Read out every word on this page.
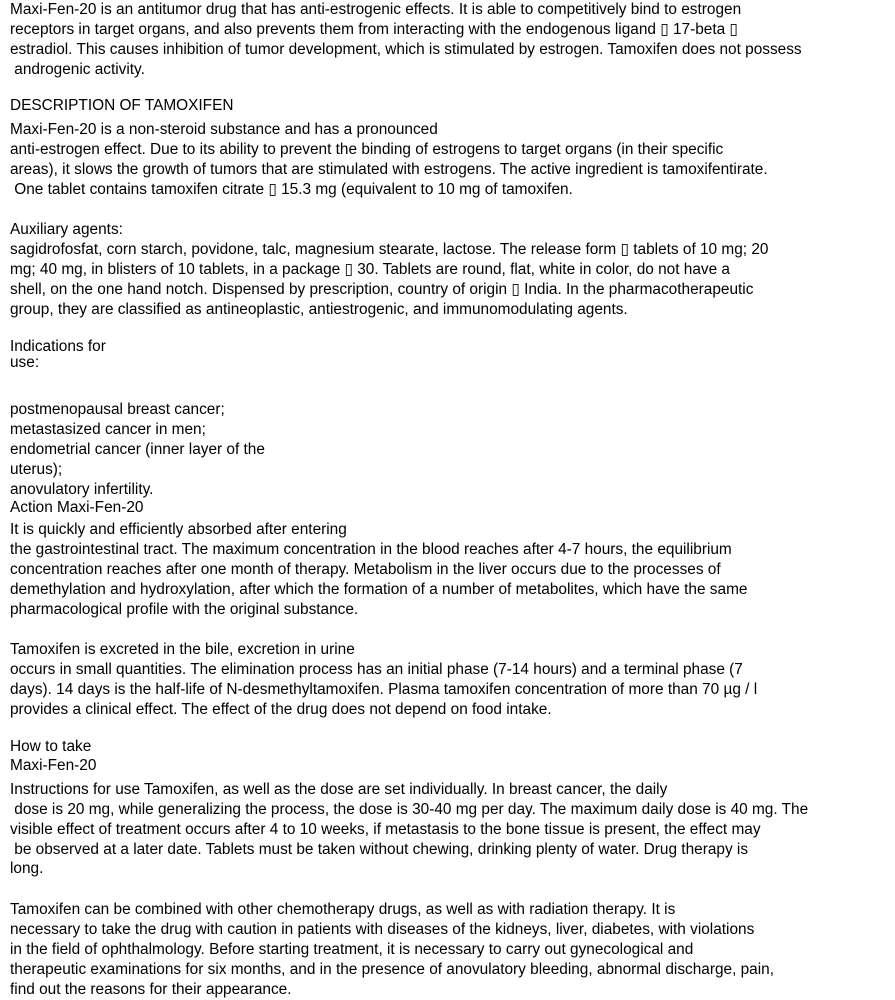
Maxi-Fen-20 is an antitumor drug that has anti-estrogenic effects. It is able to competitively bind to estrogen
receptors in target organs, and also prevents them from interacting with the endogenous ligand ▯ 17-beta ▯
estradiol. This causes inhibition of tumor development, which is stimulated by estrogen. Tamoxifen does not possess
androgenic activity.
DESCRIPTION OF TAMOXIFEN
Maxi-Fen-20 is a non-steroid substance and has a pronounced
anti-estrogen effect. Due to its ability to prevent the binding of estrogens to target organs (in their specific
areas), it slows the growth of tumors that are stimulated with estrogens. The active ingredient is tamoxifentirate.
One tablet contains tamoxifen citrate ▯ 15.3 mg (equivalent to 10 mg of tamoxifen.
Auxiliary agents:
sagidrofosfat, corn starch, povidone, talc, magnesium stearate, lactose. The release form ▯ tablets of 10 mg; 20
mg; 40 mg, in blisters of 10 tablets, in a package ▯ 30. Tablets are round, flat, white in color, do not have a
shell, on the one hand notch. Dispensed by prescription, country of origin ▯ India. In the pharmacotherapeutic
group, they are classified as antineoplastic, antiestrogenic, and immunomodulating agents.
Indications for
use:
postmenopausal breast cancer;
metastasized cancer in men;
endometrial cancer (inner layer of the
uterus);
anovulatory infertility.
Action Maxi-Fen-20
It is quickly and efficiently absorbed after entering
the gastrointestinal tract. The maximum concentration in the blood reaches after 4-7 hours, the equilibrium
concentration reaches after one month of therapy. Metabolism in the liver occurs due to the processes of
demethylation and hydroxylation, after which the formation of a number of metabolites, which have the same
pharmacological profile with the original substance.
Tamoxifen is excreted in the bile, excretion in urine
occurs in small quantities. The elimination process has an initial phase (7-14 hours) and a terminal phase (7
days). 14 days is the half-life of N-desmethyltamoxifen. Plasma tamoxifen concentration of more than 70 µg / l
provides a clinical effect. The effect of the drug does not depend on food intake.
How to take
Maxi-Fen-20
Instructions for use Tamoxifen, as well as the dose are set individually. In breast cancer, the daily
dose is 20 mg, while generalizing the process, the dose is 30-40 mg per day. The maximum daily dose is 40 mg. The
visible effect of treatment occurs after 4 to 10 weeks, if metastasis to the bone tissue is present, the effect may
be observed at a later date. Tablets must be taken without chewing, drinking plenty of water. Drug therapy is
long.
Tamoxifen can be combined with other chemotherapy drugs, as well as with radiation therapy. It is
necessary to take the drug with caution in patients with diseases of the kidneys, liver, diabetes, with violations
in the field of ophthalmology. Before starting treatment, it is necessary to carry out gynecological and
therapeutic examinations for six months, and in the presence of anovulatory bleeding, abnormal discharge, pain,
find out the reasons for their appearance.
